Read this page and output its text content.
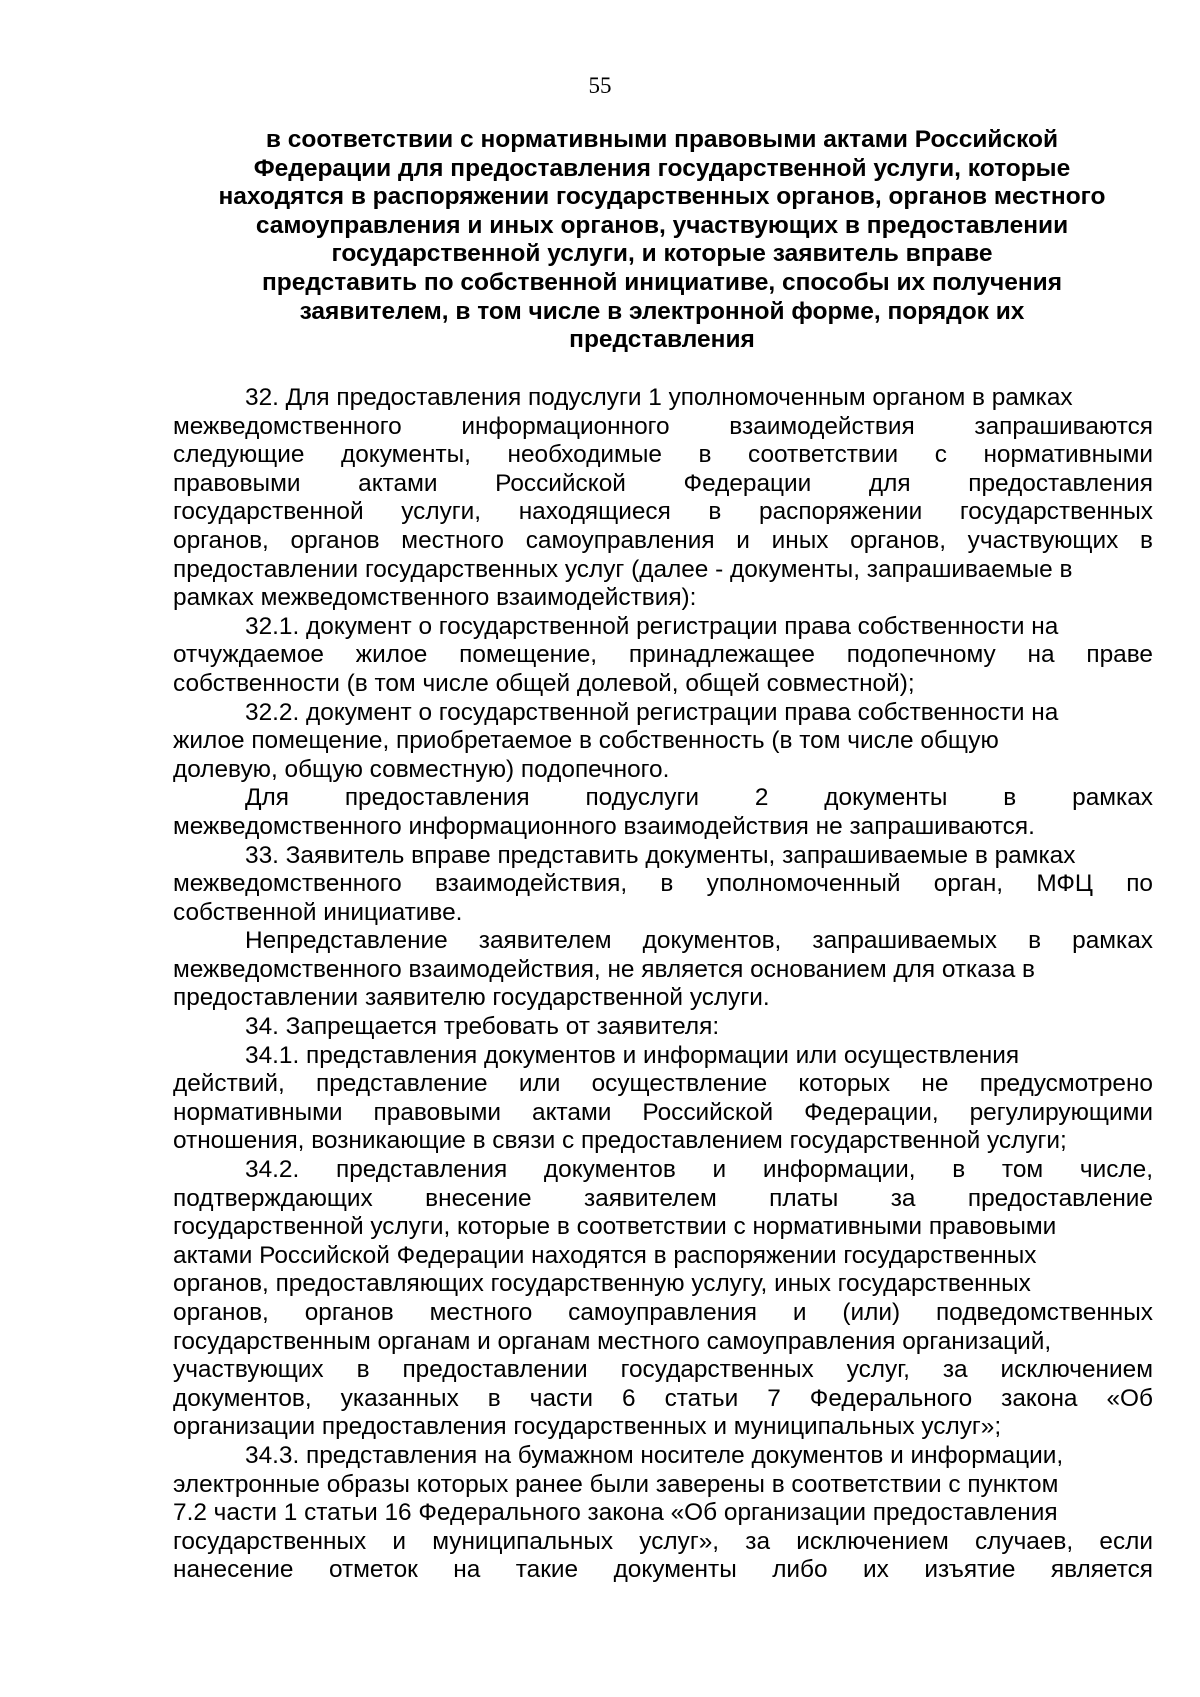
55
в соответствии с нормативными правовыми актами Российской
Федерации для предоставления государственной услуги, которые
находятся в распоряжении государственных органов, органов местного
самоуправления и иных органов, участвующих в предоставлении
государственной услуги, и которые заявитель вправе
представить по собственной инициативе, способы их получения
заявителем, в том числе в электронной форме, порядок их
представления
32. Для предоставления подуслуги 1 уполномоченным органом в рамках
межведомственного информационного взаимодействия запрашиваются
следующие документы, необходимые в соответствии с нормативными
правовыми актами Российской Федерации для предоставления
государственной услуги, находящиеся в распоряжении государственных
органов, органов местного самоуправления и иных органов, участвующих в
предоставлении государственных услуг (далее - документы, запрашиваемые в
рамках межведомственного взаимодействия):
32.1. документ о государственной регистрации права собственности на
отчуждаемое жилое помещение, принадлежащее подопечному на праве
собственности (в том числе общей долевой, общей совместной);
32.2. документ о государственной регистрации права собственности на
жилое помещение, приобретаемое в собственность (в том числе общую
долевую, общую совместную) подопечного.
Для предоставления подуслуги 2 документы в рамках
межведомственного информационного взаимодействия не запрашиваются.
33. Заявитель вправе представить документы, запрашиваемые в рамках
межведомственного взаимодействия, в уполномоченный орган, МФЦ по
собственной инициативе.
Непредставление заявителем документов, запрашиваемых в рамках
межведомственного взаимодействия, не является основанием для отказа в
предоставлении заявителю государственной услуги.
34. Запрещается требовать от заявителя:
34.1. представления документов и информации или осуществления
действий, представление или осуществление которых не предусмотрено
нормативными правовыми актами Российской Федерации, регулирующими
отношения, возникающие в связи с предоставлением государственной услуги;
34.2. представления документов и информации, в том числе,
подтверждающих внесение заявителем платы за предоставление
государственной услуги, которые в соответствии с нормативными правовыми
актами Российской Федерации находятся в распоряжении государственных
органов, предоставляющих государственную услугу, иных государственных
органов, органов местного самоуправления и (или) подведомственных
государственным органам и органам местного самоуправления организаций,
участвующих в предоставлении государственных услуг, за исключением
документов, указанных в части 6 статьи 7 Федерального закона «Об
организации предоставления государственных и муниципальных услуг»;
34.3. представления на бумажном носителе документов и информации,
электронные образы которых ранее были заверены в соответствии с пунктом
7.2 части 1 статьи 16 Федерального закона «Об организации предоставления
государственных и муниципальных услуг», за исключением случаев, если
нанесение отметок на такие документы либо их изъятие является
